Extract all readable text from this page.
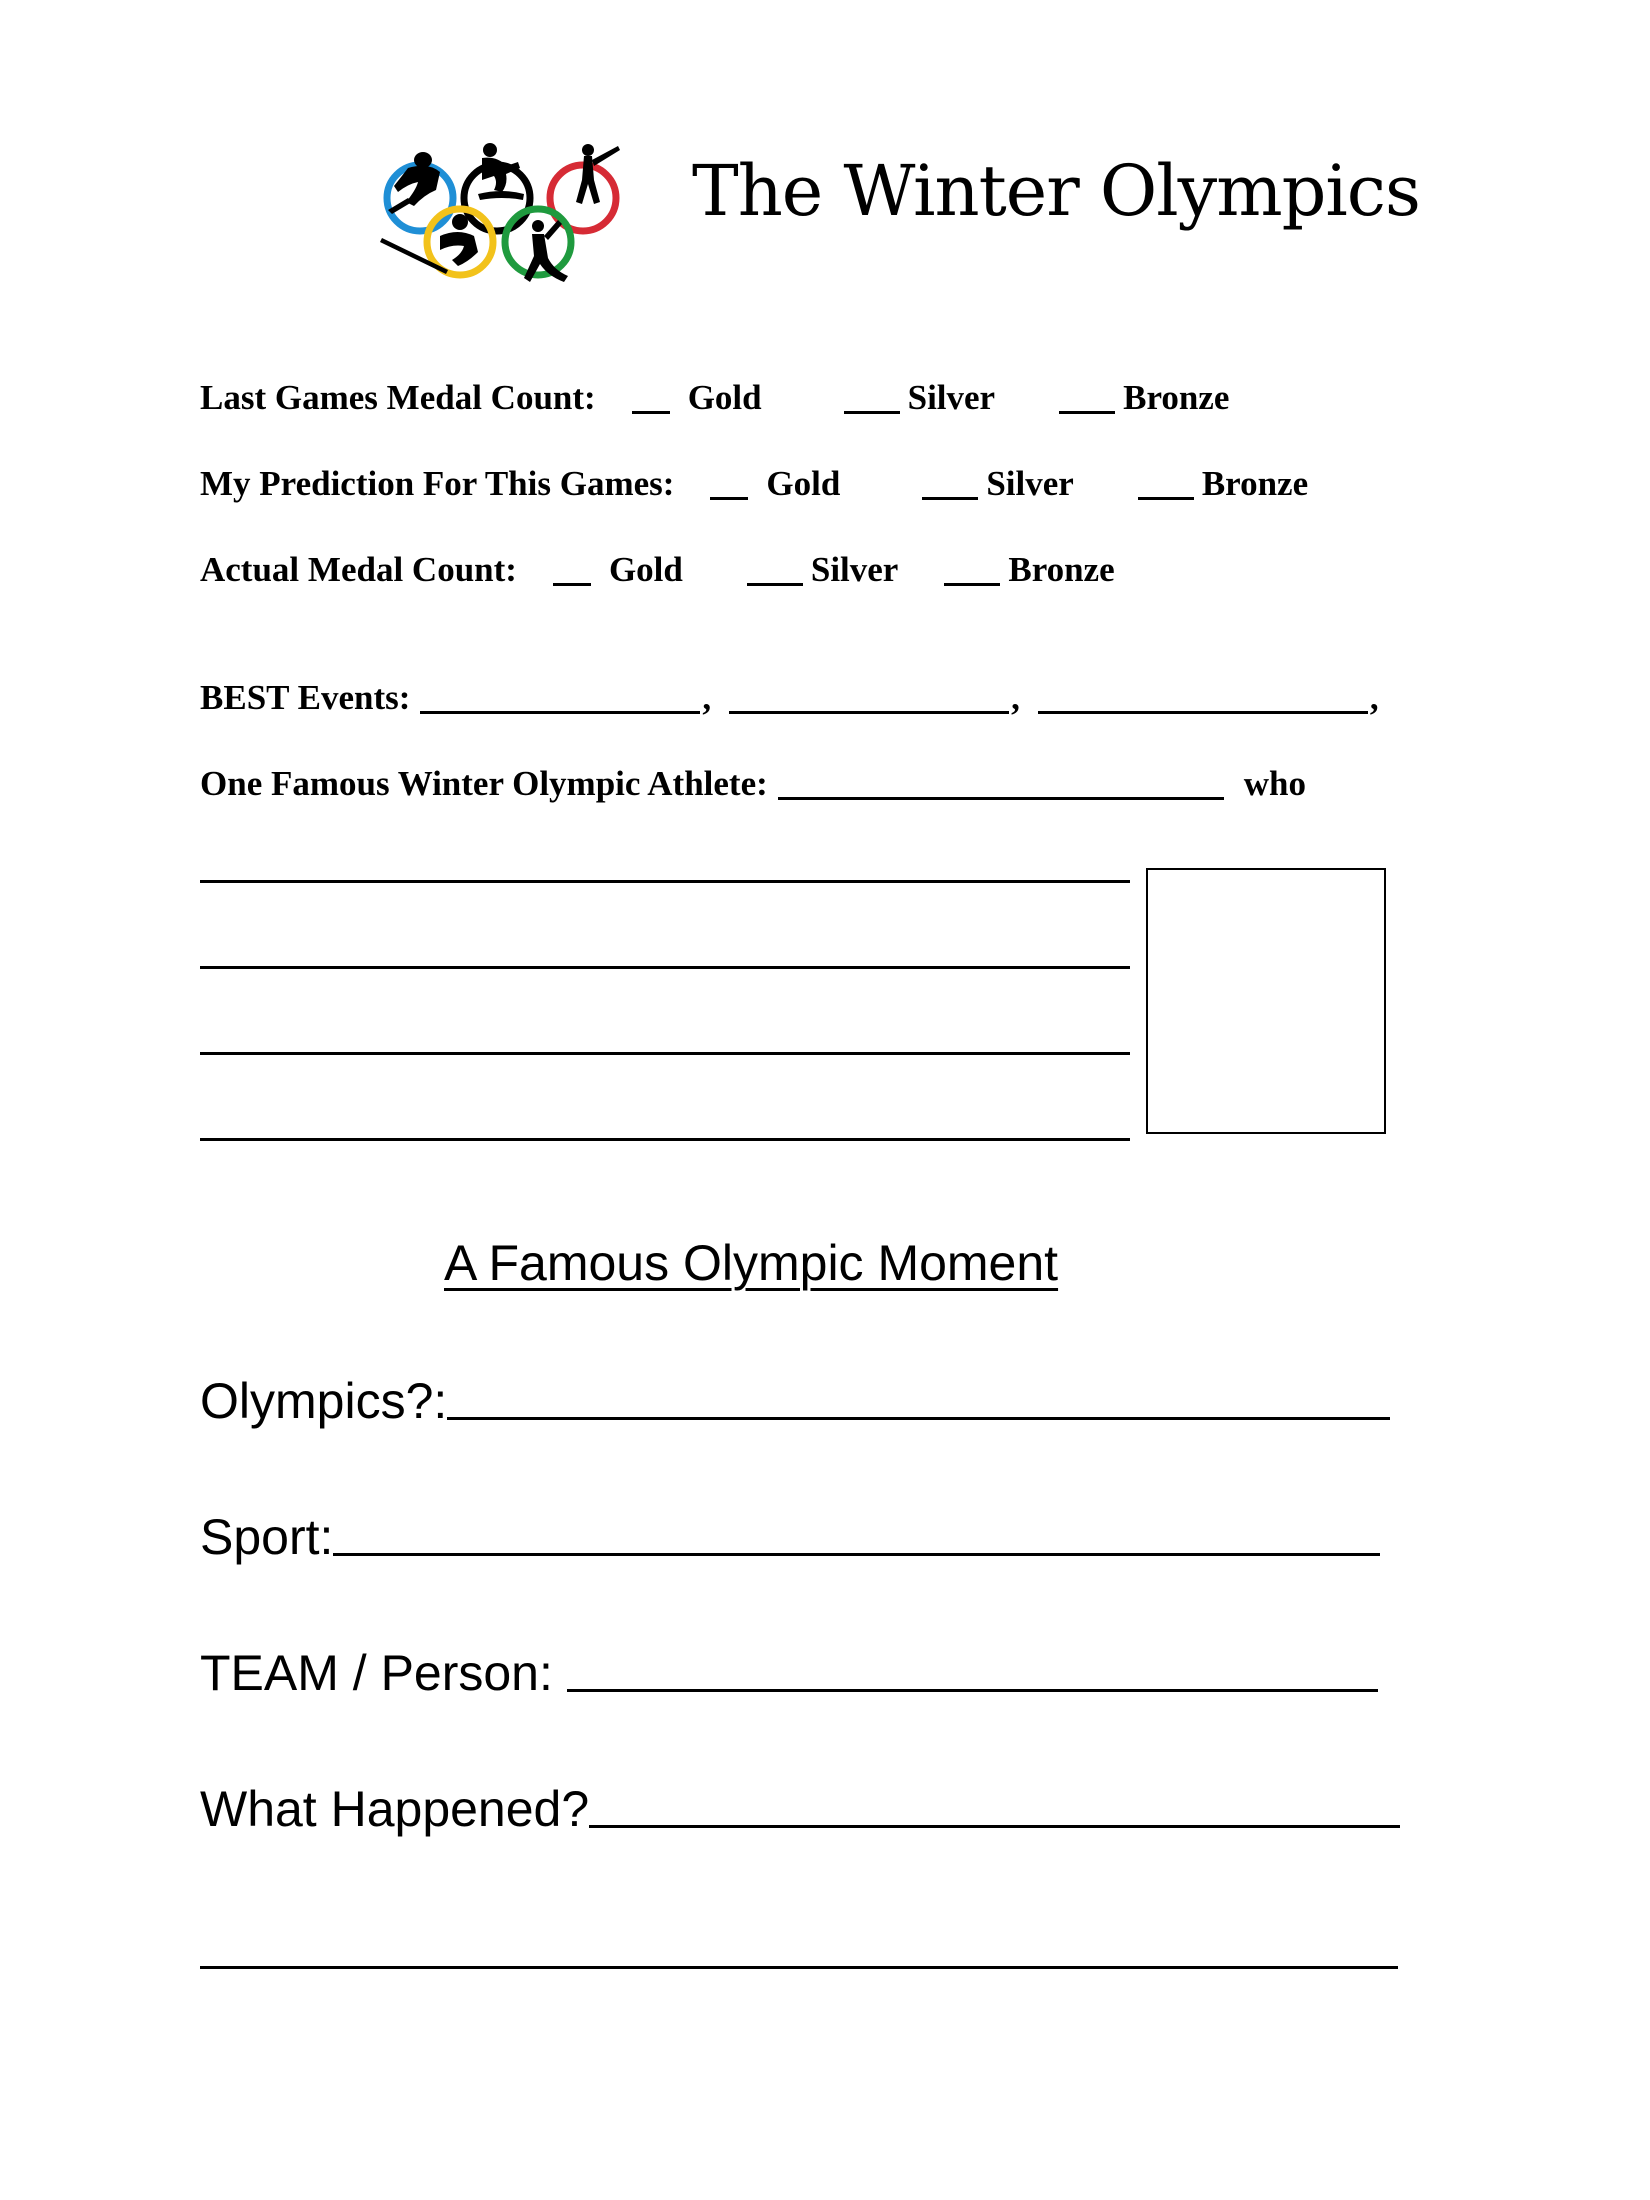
The Winter Olympics
Last Games Medal Count:	Gold	Silver	Bronze
My Prediction For This Games:	Gold	Silver	Bronze
Actual Medal Count:	Gold	Silver	Bronze
BEST Events:	,	,	,
One Famous Winter Olympic Athlete:	who
A Famous Olympic Moment
Olympics?:
Sport:
TEAM / Person:
What Happened?
